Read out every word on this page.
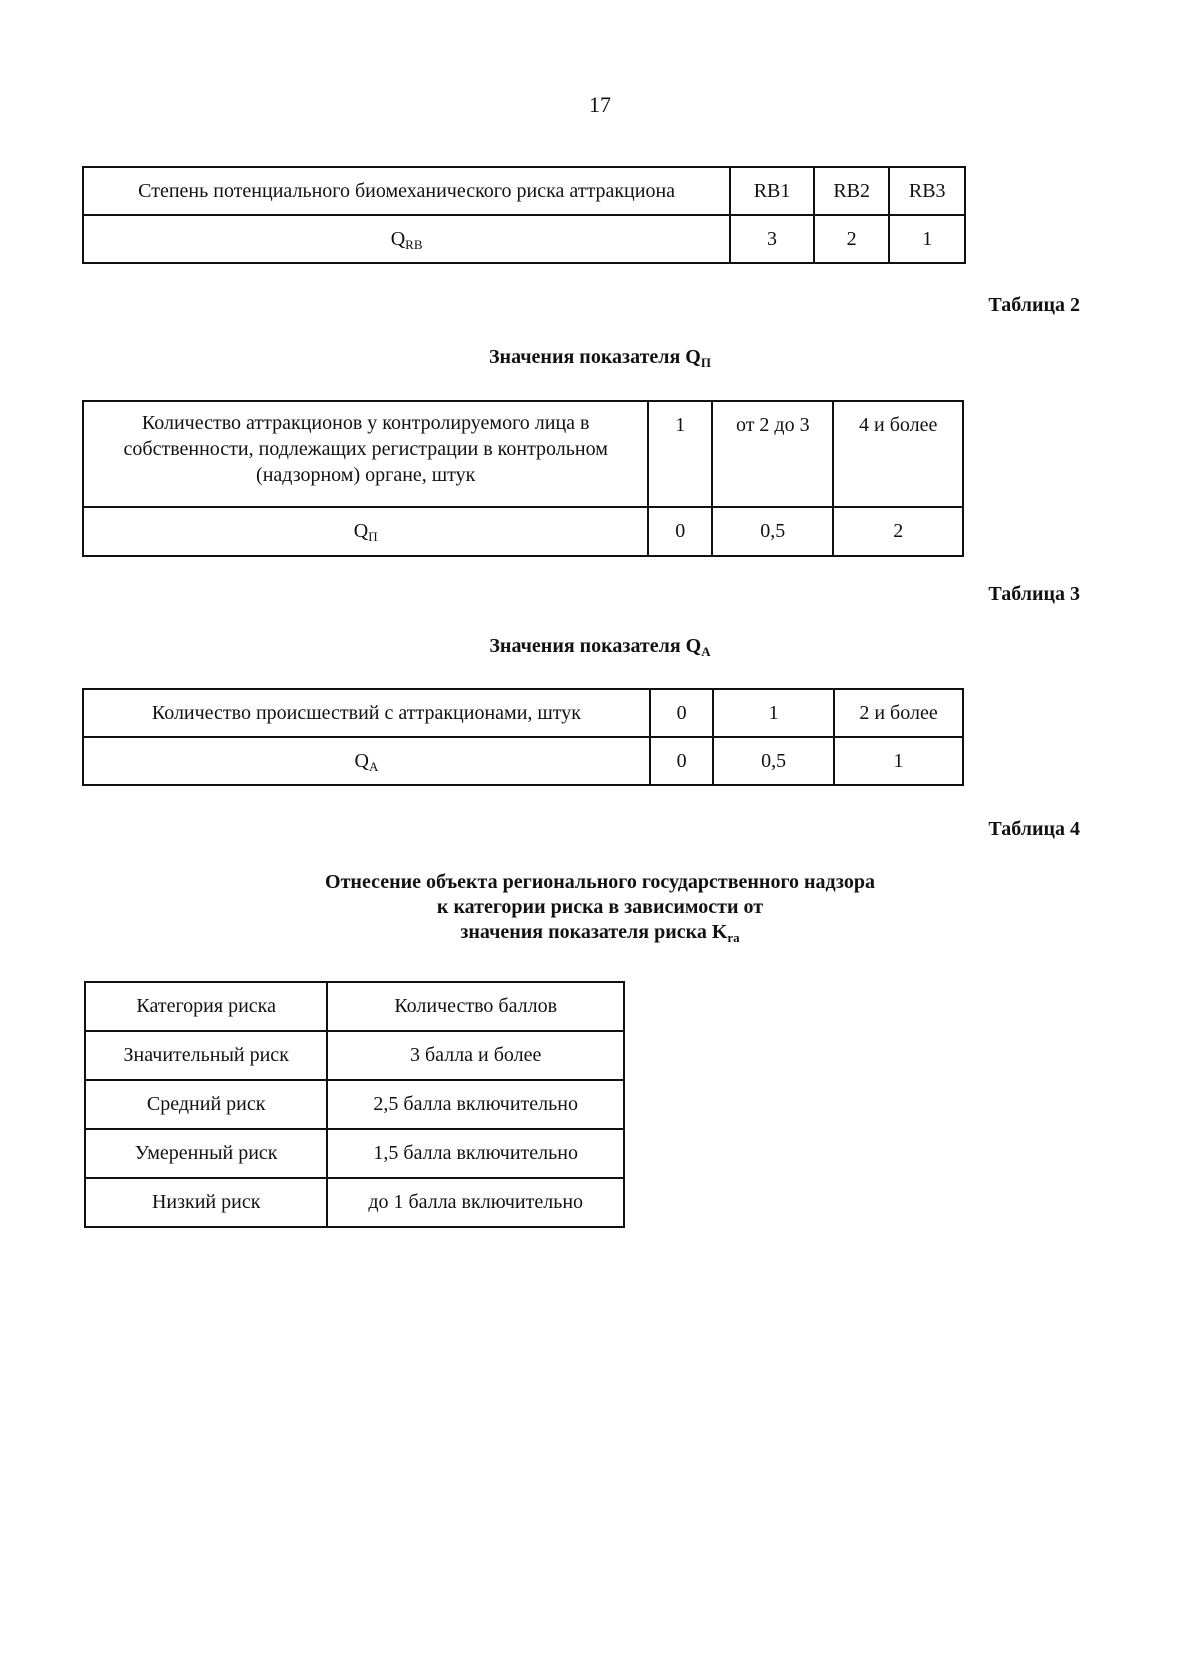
17
Степень потенциального биомеханического риска аттракциона	RB1	RB2	RB3
$Q_{RB}$	3	2	1
Таблица 2
Значения показателя $Q_П$
Количество аттракционов у контролируемого лица в
собственности, подлежащих регистрации в контрольном
(надзорном) органе, штук	1	от 2 до 3	4 и более
$Q_П$	0	0,5	2
Таблица 3
Значения показателя $Q_A$
Количество происшествий с аттракционами, штук	0	1	2 и более
$Q_A$	0	0,5	1
Таблица 4
Отнесение объекта регионального государственного надзора
к категории риска в зависимости от
значения показателя риска $K_{ra}$
Категория риска	Количество баллов
Значительный риск	3 балла и более
Средний риск	2,5 балла включительно
Умеренный риск	1,5 балла включительно
Низкий риск	до 1 балла включительно
